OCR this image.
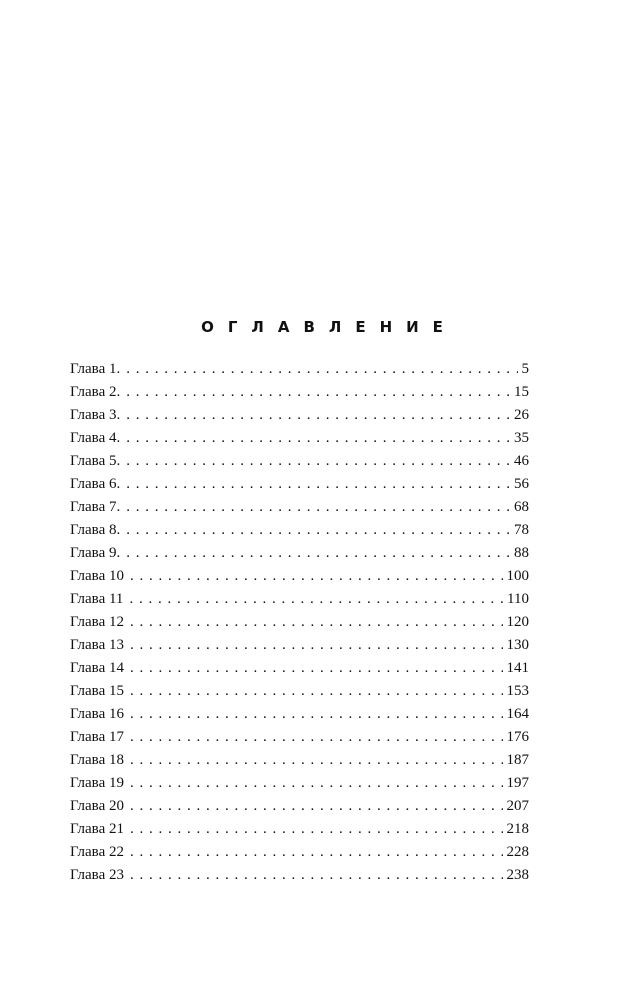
ОГЛАВЛЕНИЕ
Глава 1. . . .	5
Глава 2. . . .	15
Глава 3. . . .	26
Глава 4. . . .	35
Глава 5. . . .	46
Глава 6. . . .	56
Глава 7. . . .	68
Глава 8. . . .	78
Глава 9. . . .	88
Глава 10 . . .	100
Глава 11 . . .	110
Глава 12 . . .	120
Глава 13 . . .	130
Глава 14 . . .	141
Глава 15 . . .	153
Глава 16 . . .	164
Глава 17 . . .	176
Глава 18 . . .	187
Глава 19 . . .	197
Глава 20 . . .	207
Глава 21 . . .	218
Глава 22 . . .	228
Глава 23 . . .	238
